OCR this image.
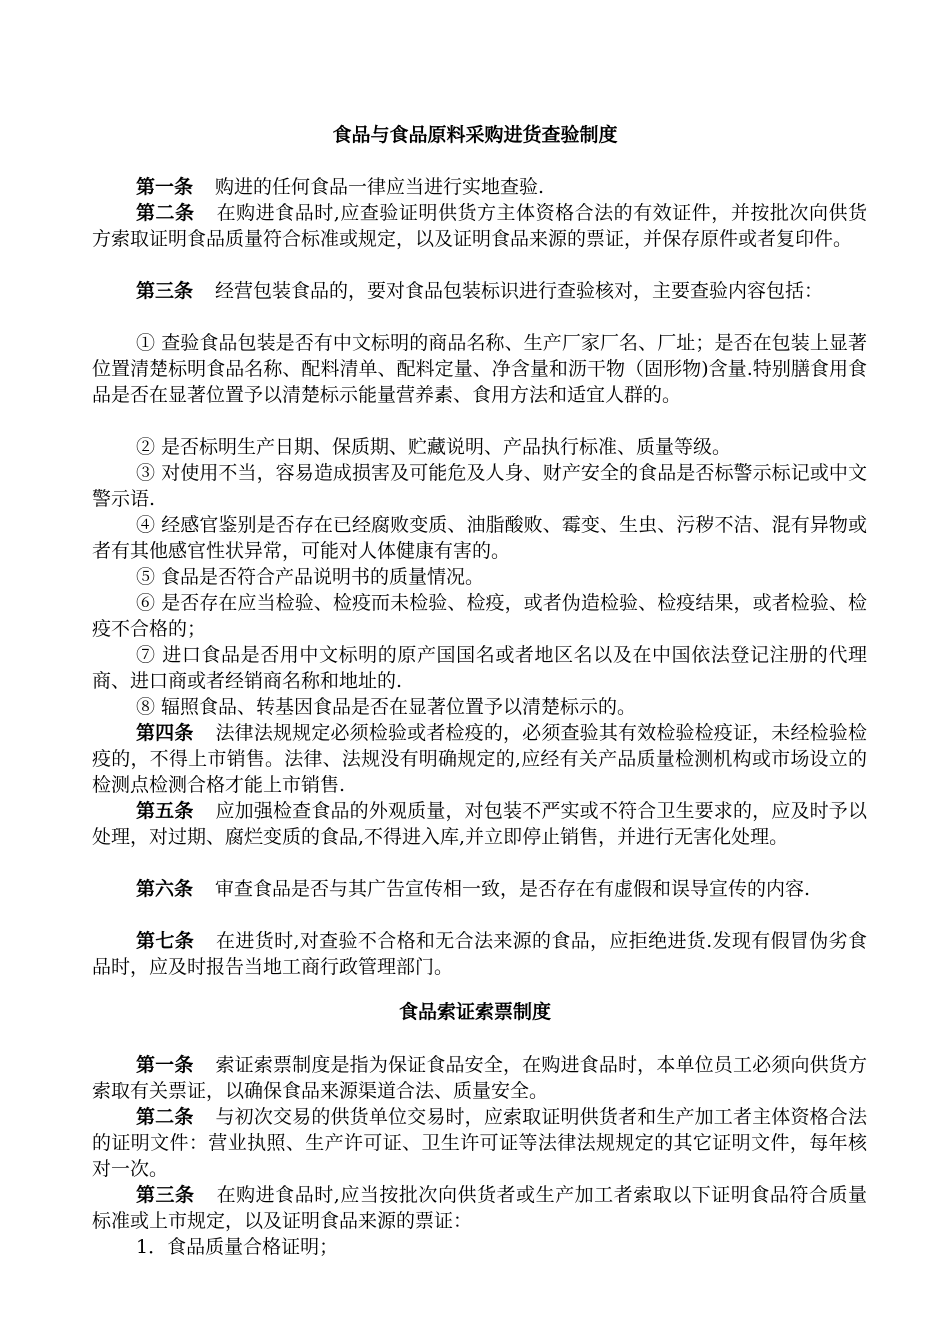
食品与食品原料采购进货查验制度

第一条 购进的任何食品一律应当进行实地查验.

第二条 在购进食品时,应查验证明供货方主体资格合法的有效证件，并按批次向供货方索取证明食品质量符合标准或规定，以及证明食品来源的票证，并保存原件或者复印件。

第三条 经营包装食品的，要对食品包装标识进行查验核对，主要查验内容包括：

① 查验食品包装是否有中文标明的商品名称、生产厂家厂名、厂址；是否在包装上显著位置清楚标明食品名称、配料清单、配料定量、净含量和沥干物（固形物)含量.特别膳食用食品是否在显著位置予以清楚标示能量营养素、食用方法和适宜人群的。

② 是否标明生产日期、保质期、贮藏说明、产品执行标准、质量等级。

③ 对使用不当，容易造成损害及可能危及人身、财产安全的食品是否标警示标记或中文警示语.

④ 经感官鉴别是否存在已经腐败变质、油脂酸败、霉变、生虫、污秽不洁、混有异物或者有其他感官性状异常，可能对人体健康有害的。

⑤ 食品是否符合产品说明书的质量情况。

⑥ 是否存在应当检验、检疫而未检验、检疫，或者伪造检验、检疫结果，或者检验、检疫不合格的；

⑦ 进口食品是否用中文标明的原产国国名或者地区名以及在中国依法登记注册的代理商、进口商或者经销商名称和地址的.

⑧ 辐照食品、转基因食品是否在显著位置予以清楚标示的。

第四条 法律法规规定必须检验或者检疫的，必须查验其有效检验检疫证，未经检验检疫的，不得上市销售。法律、法规没有明确规定的,应经有关产品质量检测机构或市场设立的检测点检测合格才能上市销售.

第五条 应加强检查食品的外观质量，对包装不严实或不符合卫生要求的，应及时予以处理，对过期、腐烂变质的食品,不得进入库,并立即停止销售，并进行无害化处理。

第六条 审查食品是否与其广告宣传相一致，是否存在有虚假和误导宣传的内容.

第七条 在进货时,对查验不合格和无合法来源的食品，应拒绝进货.发现有假冒伪劣食品时，应及时报告当地工商行政管理部门。

食品索证索票制度

第一条 索证索票制度是指为保证食品安全，在购进食品时，本单位员工必须向供货方索取有关票证，以确保食品来源渠道合法、质量安全。

第二条 与初次交易的供货单位交易时，应索取证明供货者和生产加工者主体资格合法的证明文件：营业执照、生产许可证、卫生许可证等法律法规规定的其它证明文件，每年核对一次。

第三条 在购进食品时,应当按批次向供货者或生产加工者索取以下证明食品符合质量标准或上市规定，以及证明食品来源的票证：

1．食品质量合格证明；
